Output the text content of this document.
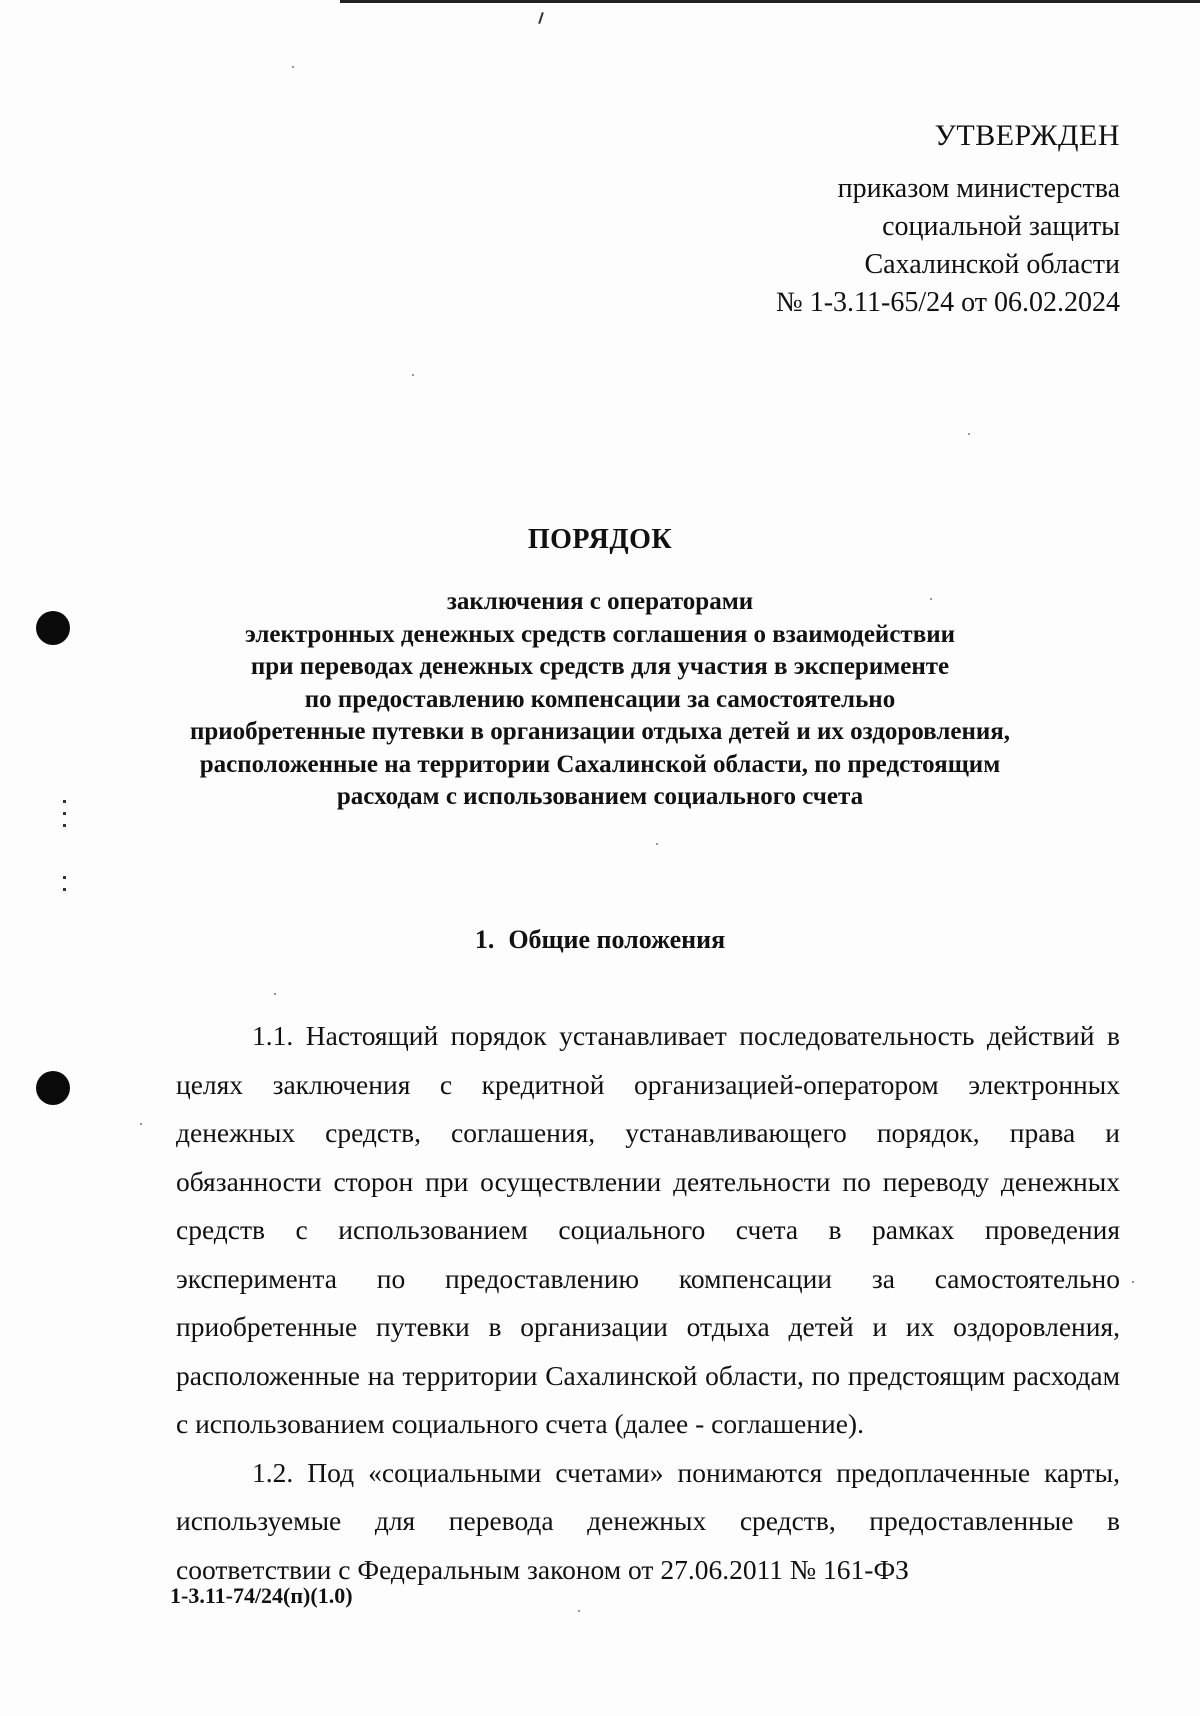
УТВЕРЖДЕН
приказом министерства
социальной защиты
Сахалинской области
№ 1-3.11-65/24 от 06.02.2024
ПОРЯДОК
заключения с операторами
электронных денежных средств соглашения о взаимодействии
при переводах денежных средств для участия в эксперименте
по предоставлению компенсации за самостоятельно
приобретенные путевки в организации отдыха детей и их оздоровления,
расположенные на территории Сахалинской области, по предстоящим
расходам с использованием социального счета
1. Общие положения

1.1. Настоящий порядок устанавливает последовательность действий в целях заключения с кредитной организацией-оператором электронных денежных средств, соглашения, устанавливающего порядок, права и обязанности сторон при осуществлении деятельности по переводу денежных средств с использованием социального счета в рамках проведения эксперимента по предоставлению компенсации за самостоятельно приобретенные путевки в организации отдыха детей и их оздоровления, расположенные на территории Сахалинской области, по предстоящим расходам с использованием социального счета (далее - соглашение).

1.2. Под «социальными счетами» понимаются предоплаченные карты, используемые для перевода денежных средств, предоставленные в соответствии с Федеральным законом от 27.06.2011 № 161-ФЗ

1-3.11-74/24(п)(1.0)
